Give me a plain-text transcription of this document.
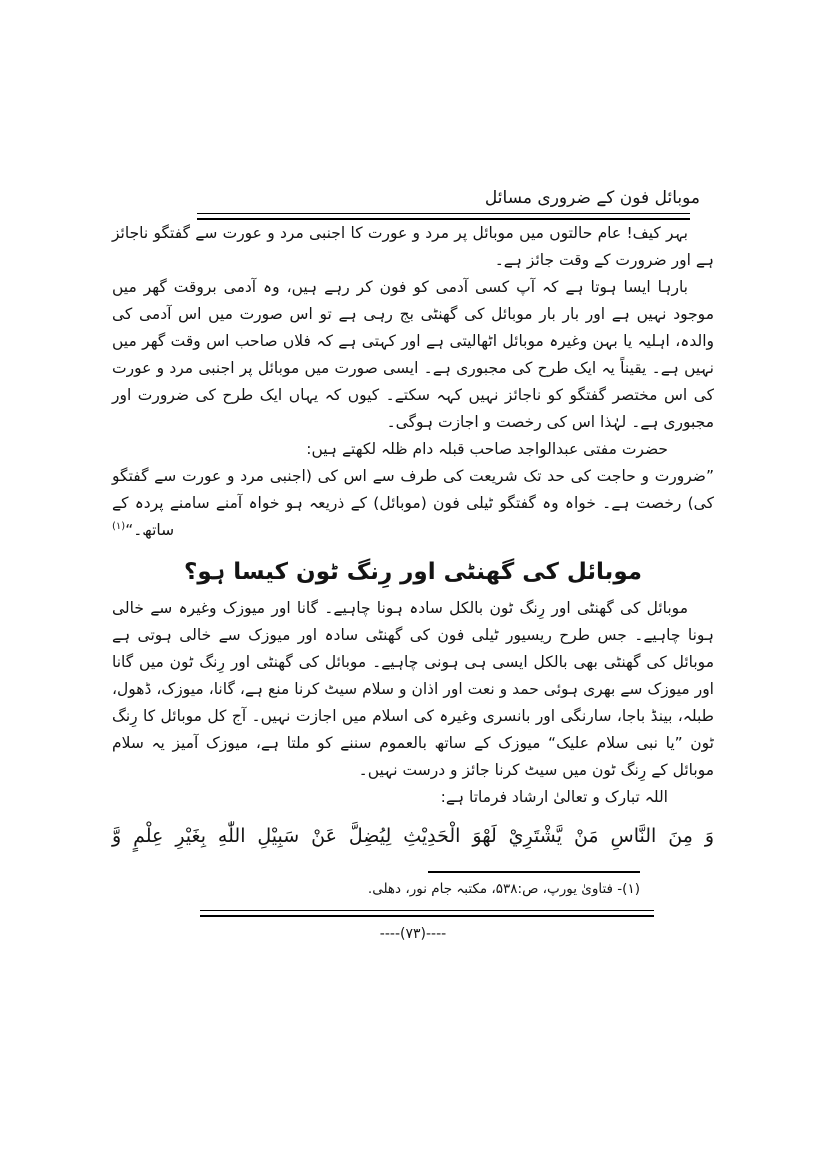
موبائل فون کے ضروری مسائل

بہر کیف! عام حالتوں میں موبائل پر مرد و عورت کا اجنبی مرد و عورت سے گفتگو ناجائز ہے اور ضرورت کے وقت جائز ہے۔

بارہا ایسا ہوتا ہے کہ آپ کسی آدمی کو فون کر رہے ہیں، وہ آدمی بروقت گھر میں موجود نہیں ہے اور بار بار موبائل کی گھنٹی بج رہی ہے تو اس صورت میں اس آدمی کی والدہ، اہلیہ یا بہن وغیرہ موبائل اٹھالیتی ہے اور کہتی ہے کہ فلاں صاحب اس وقت گھر میں نہیں ہے۔ یقیناً یہ ایک طرح کی مجبوری ہے۔ ایسی صورت میں موبائل پر اجنبی مرد و عورت کی اس مختصر گفتگو کو ناجائز نہیں کہہ سکتے۔ کیوں کہ یہاں ایک طرح کی ضرورت اور مجبوری ہے۔ لہٰذا اس کی رخصت و اجازت ہوگی۔

حضرت مفتی عبدالواجد صاحب قبلہ دام ظلہ لکھتے ہیں:

”ضرورت و حاجت کی حد تک شریعت کی طرف سے اس کی (اجنبی مرد و عورت سے گفتگو کی) رخصت ہے۔ خواہ وہ گفتگو ٹیلی فون (موبائل) کے ذریعہ ہو خواہ آمنے سامنے پردہ کے ساتھ۔“$^{(۱)}$

موبائل کی گھنٹی اور رِنگ ٹون کیسا ہو؟

موبائل کی گھنٹی اور رِنگ ٹون بالکل سادہ ہونا چاہیے۔ گانا اور میوزک وغیرہ سے خالی ہونا چاہیے۔ جس طرح ریسیور ٹیلی فون کی گھنٹی سادہ اور میوزک سے خالی ہوتی ہے موبائل کی گھنٹی بھی بالکل ایسی ہی ہونی چاہیے۔ موبائل کی گھنٹی اور رِنگ ٹون میں گانا اور میوزک سے بھری ہوئی حمد و نعت اور اذان و سلام سیٹ کرنا منع ہے، گانا، میوزک، ڈھول، طبلہ، بینڈ باجا، سارنگی اور بانسری وغیرہ کی اسلام میں اجازت نہیں۔ آج کل موبائل کا رِنگ ٹون ”یا نبی سلام علیک“ میوزک کے ساتھ بالعموم سننے کو ملتا ہے، میوزک آمیز یہ سلام موبائل کے رِنگ ٹون میں سیٹ کرنا جائز و درست نہیں۔

اللہ تبارک و تعالیٰ ارشاد فرماتا ہے:

وَ مِنَ النَّاسِ مَنْ يَّشْتَرِيْ لَهْوَ الْحَدِيْثِ لِيُضِلَّ عَنْ سَبِيْلِ اللّٰهِ بِغَيْرِ عِلْمٍ وَّ

(۱)- فتاویٰ یورپ، ص:۵۳۸، مکتبہ جام نور، دھلی.
----(۷۳)----
